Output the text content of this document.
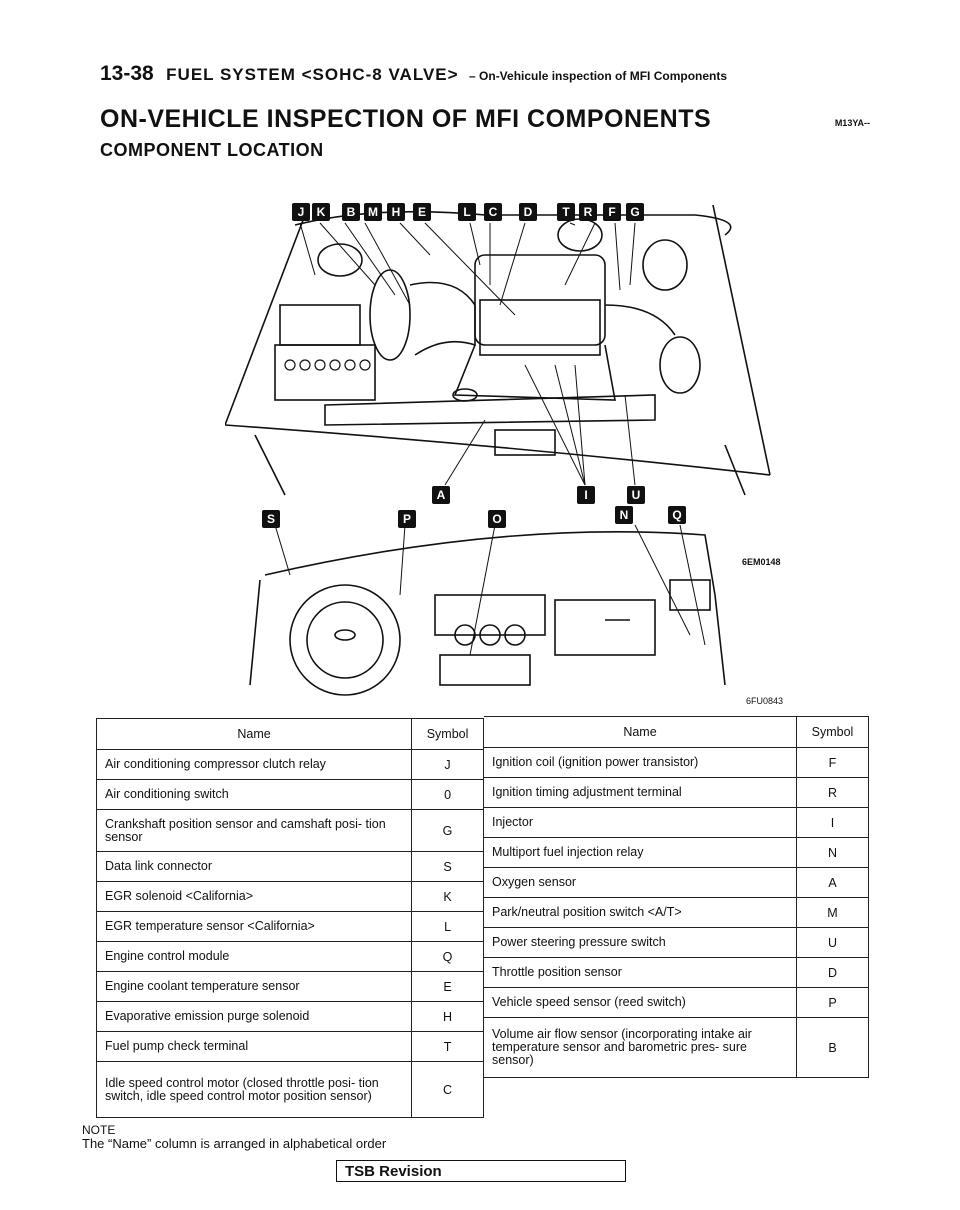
13-38 FUEL SYSTEM <SOHC-8 VALVE> – On-Vehicule inspection of MFI Components
M13YA--
ON-VEHICLE INSPECTION OF MFI COMPONENTS
COMPONENT LOCATION
J	K	B	M	H	E	L	C	D	T	R	F	G
A	I	U
S	P	O	N	Q
6EM0148
6FU0843
Name	Symbol
Air conditioning compressor clutch relay	J
Air conditioning switch	0
Crankshaft position sensor and camshaft posi- tion sensor	G
Data link connector	S
EGR solenoid <California>	K
EGR temperature sensor <California>	L
Engine control module	Q
Engine coolant temperature sensor	E
Evaporative emission purge solenoid	H
Fuel pump check terminal	T
Idle speed control motor (closed throttle posi- tion switch, idle speed control motor position sensor)	C
Name	Symbol
Ignition coil (ignition power transistor)	F
Ignition timing adjustment terminal	R
Injector	I
Multiport fuel injection relay	N
Oxygen sensor	A
Park/neutral position switch <A/T>	M
Power steering pressure switch	U
Throttle position sensor	D
Vehicle speed sensor (reed switch)	P
Volume air flow sensor (incorporating intake air temperature sensor and barometric pres- sure sensor)	B
NOTE
The “Name” column is arranged in alphabetical order
TSB Revision
